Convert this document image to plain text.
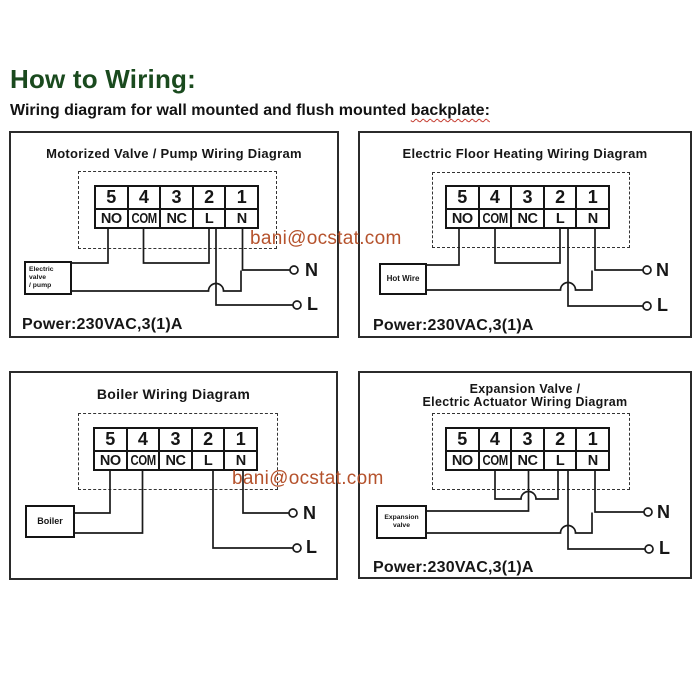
How to Wiring:
Wiring diagram for wall mounted and flush mounted backplate:
Motorized Valve / Pump Wiring Diagram
5	4	3	2	1
NO COM NC	L	N
Electric valve
/ pump
N
L
Power:230VAC,3(1)A
Electric Floor Heating Wiring Diagram
5	4	3	2	1
NO COM NC	L	N
Hot Wire	N
L
Power:230VAC,3(1)A
Boiler Wiring Diagram
5	4	3	2	1
NO COM NC	L	N
Boiler	N
L
Expansion Valve /
Electric Actuator Wiring Diagram
5	4	3	2	1
NO COM NC	L	N
Expansion
valve
N
L
Power:230VAC,3(1)A
bani@ocstat.com
bani@ocstat.com
